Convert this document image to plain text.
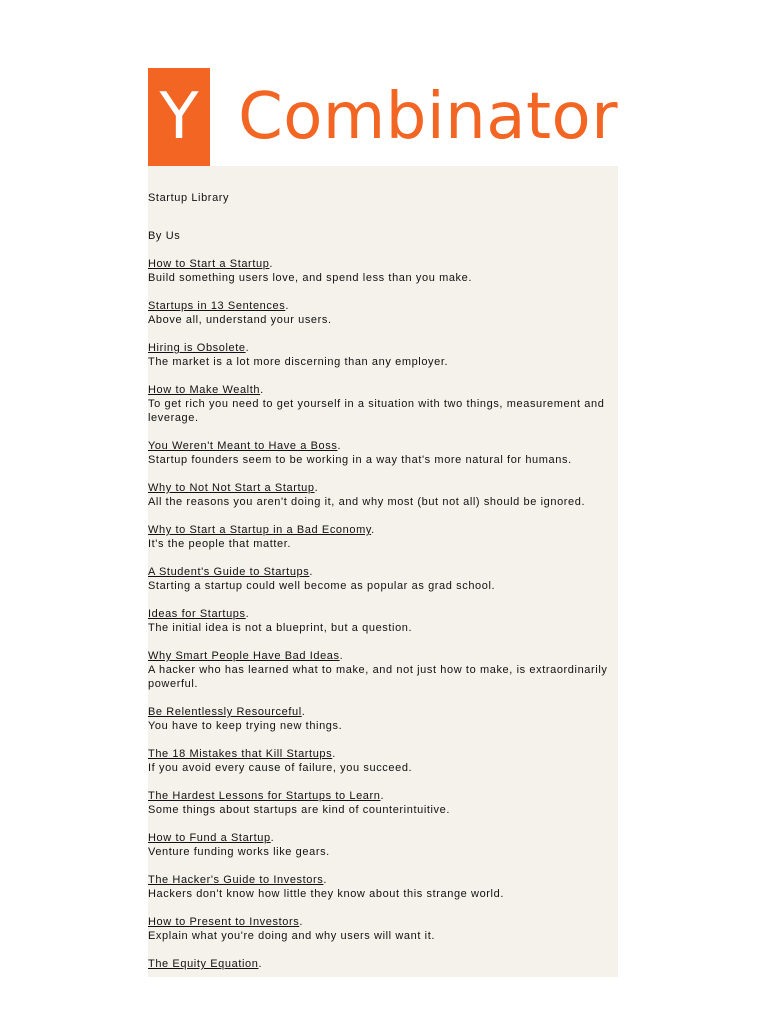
Y Combinator

Startup Library

By Us

How to Start a Startup.

Build something users love, and spend less than you make.

Startups in 13 Sentences.

Above all, understand your users.

Hiring is Obsolete.

The market is a lot more discerning than any employer.

How to Make Wealth.

To get rich you need to get yourself in a situation with two things, measurement and leverage.

You Weren't Meant to Have a Boss.

Startup founders seem to be working in a way that's more natural for humans.

Why to Not Not Start a Startup.

All the reasons you aren't doing it, and why most (but not all) should be ignored.

Why to Start a Startup in a Bad Economy.

It's the people that matter.

A Student's Guide to Startups.

Starting a startup could well become as popular as grad school.

Ideas for Startups.

The initial idea is not a blueprint, but a question.

Why Smart People Have Bad Ideas.

A hacker who has learned what to make, and not just how to make, is extraordinarily powerful.

Be Relentlessly Resourceful.

You have to keep trying new things.

The 18 Mistakes that Kill Startups.

If you avoid every cause of failure, you succeed.

The Hardest Lessons for Startups to Learn.

Some things about startups are kind of counterintuitive.

How to Fund a Startup.

Venture funding works like gears.

The Hacker's Guide to Investors.

Hackers don't know how little they know about this strange world.

How to Present to Investors.

Explain what you're doing and why users will want it.

The Equity Equation.
